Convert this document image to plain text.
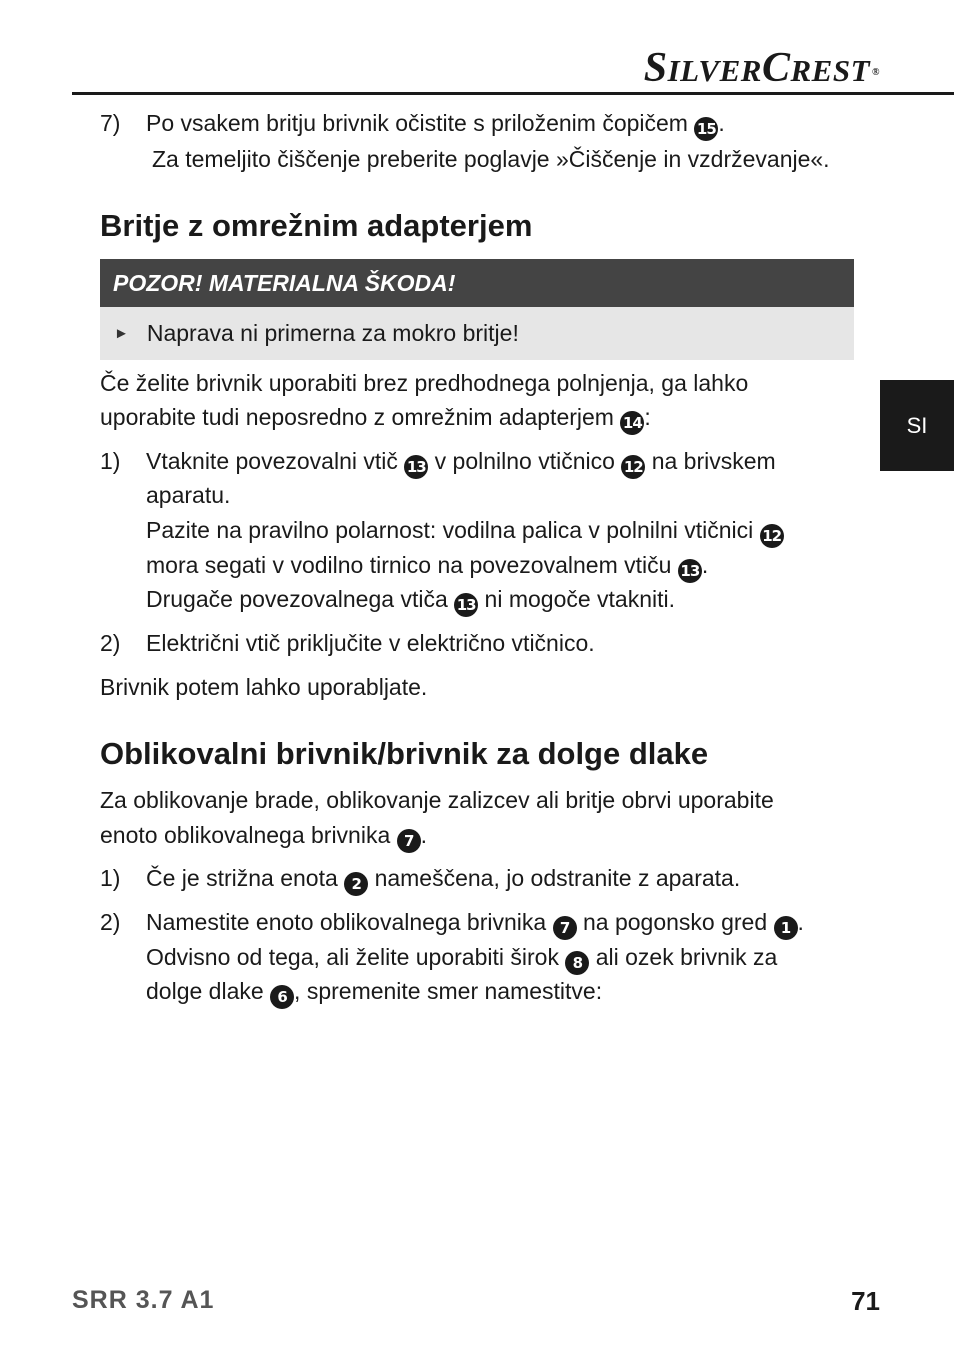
SILVERCREST ®
SI
7) Po vsakem britju brivnik očistite s priloženim čopičem 15 .
Za temeljito čiščenje preberite poglavje »Čiščenje in vzdrževanje«.
Britje z omrežnim adapterjem
POZOR! MATERIALNA ŠKODA!
► Naprava ni primerna za mokro britje!
Če želite brivnik uporabiti brez predhodnega polnjenja, ga lahko
uporabite tudi neposredno z omrežnim adapterjem 14 :
1) Vtaknite povezovalni vtič 13 v polnilno vtičnico 12 na brivskem
aparatu.
Pazite na pravilno polarnost: vodilna palica v polnilni vtičnici 12
mora segati v vodilno tirnico na povezovalnem vtiču 13 .
Drugače povezovalnega vtiča 13 ni mogoče vtakniti.
2) Električni vtič priključite v električno vtičnico.
Brivnik potem lahko uporabljate.
Oblikovalni brivnik/brivnik za dolge dlake
Za oblikovanje brade, oblikovanje zalizcev ali britje obrvi uporabite
enoto oblikovalnega brivnika 7 .
1) Če je strižna enota 2 nameščena, jo odstranite z aparata.
2) Namestite enoto oblikovalnega brivnika 7 na pogonsko gred 1 .
Odvisno od tega, ali želite uporabiti širok 8 ali ozek brivnik za
dolge dlake 6 , spremenite smer namestitve:
SRR 3.7 A1	71
